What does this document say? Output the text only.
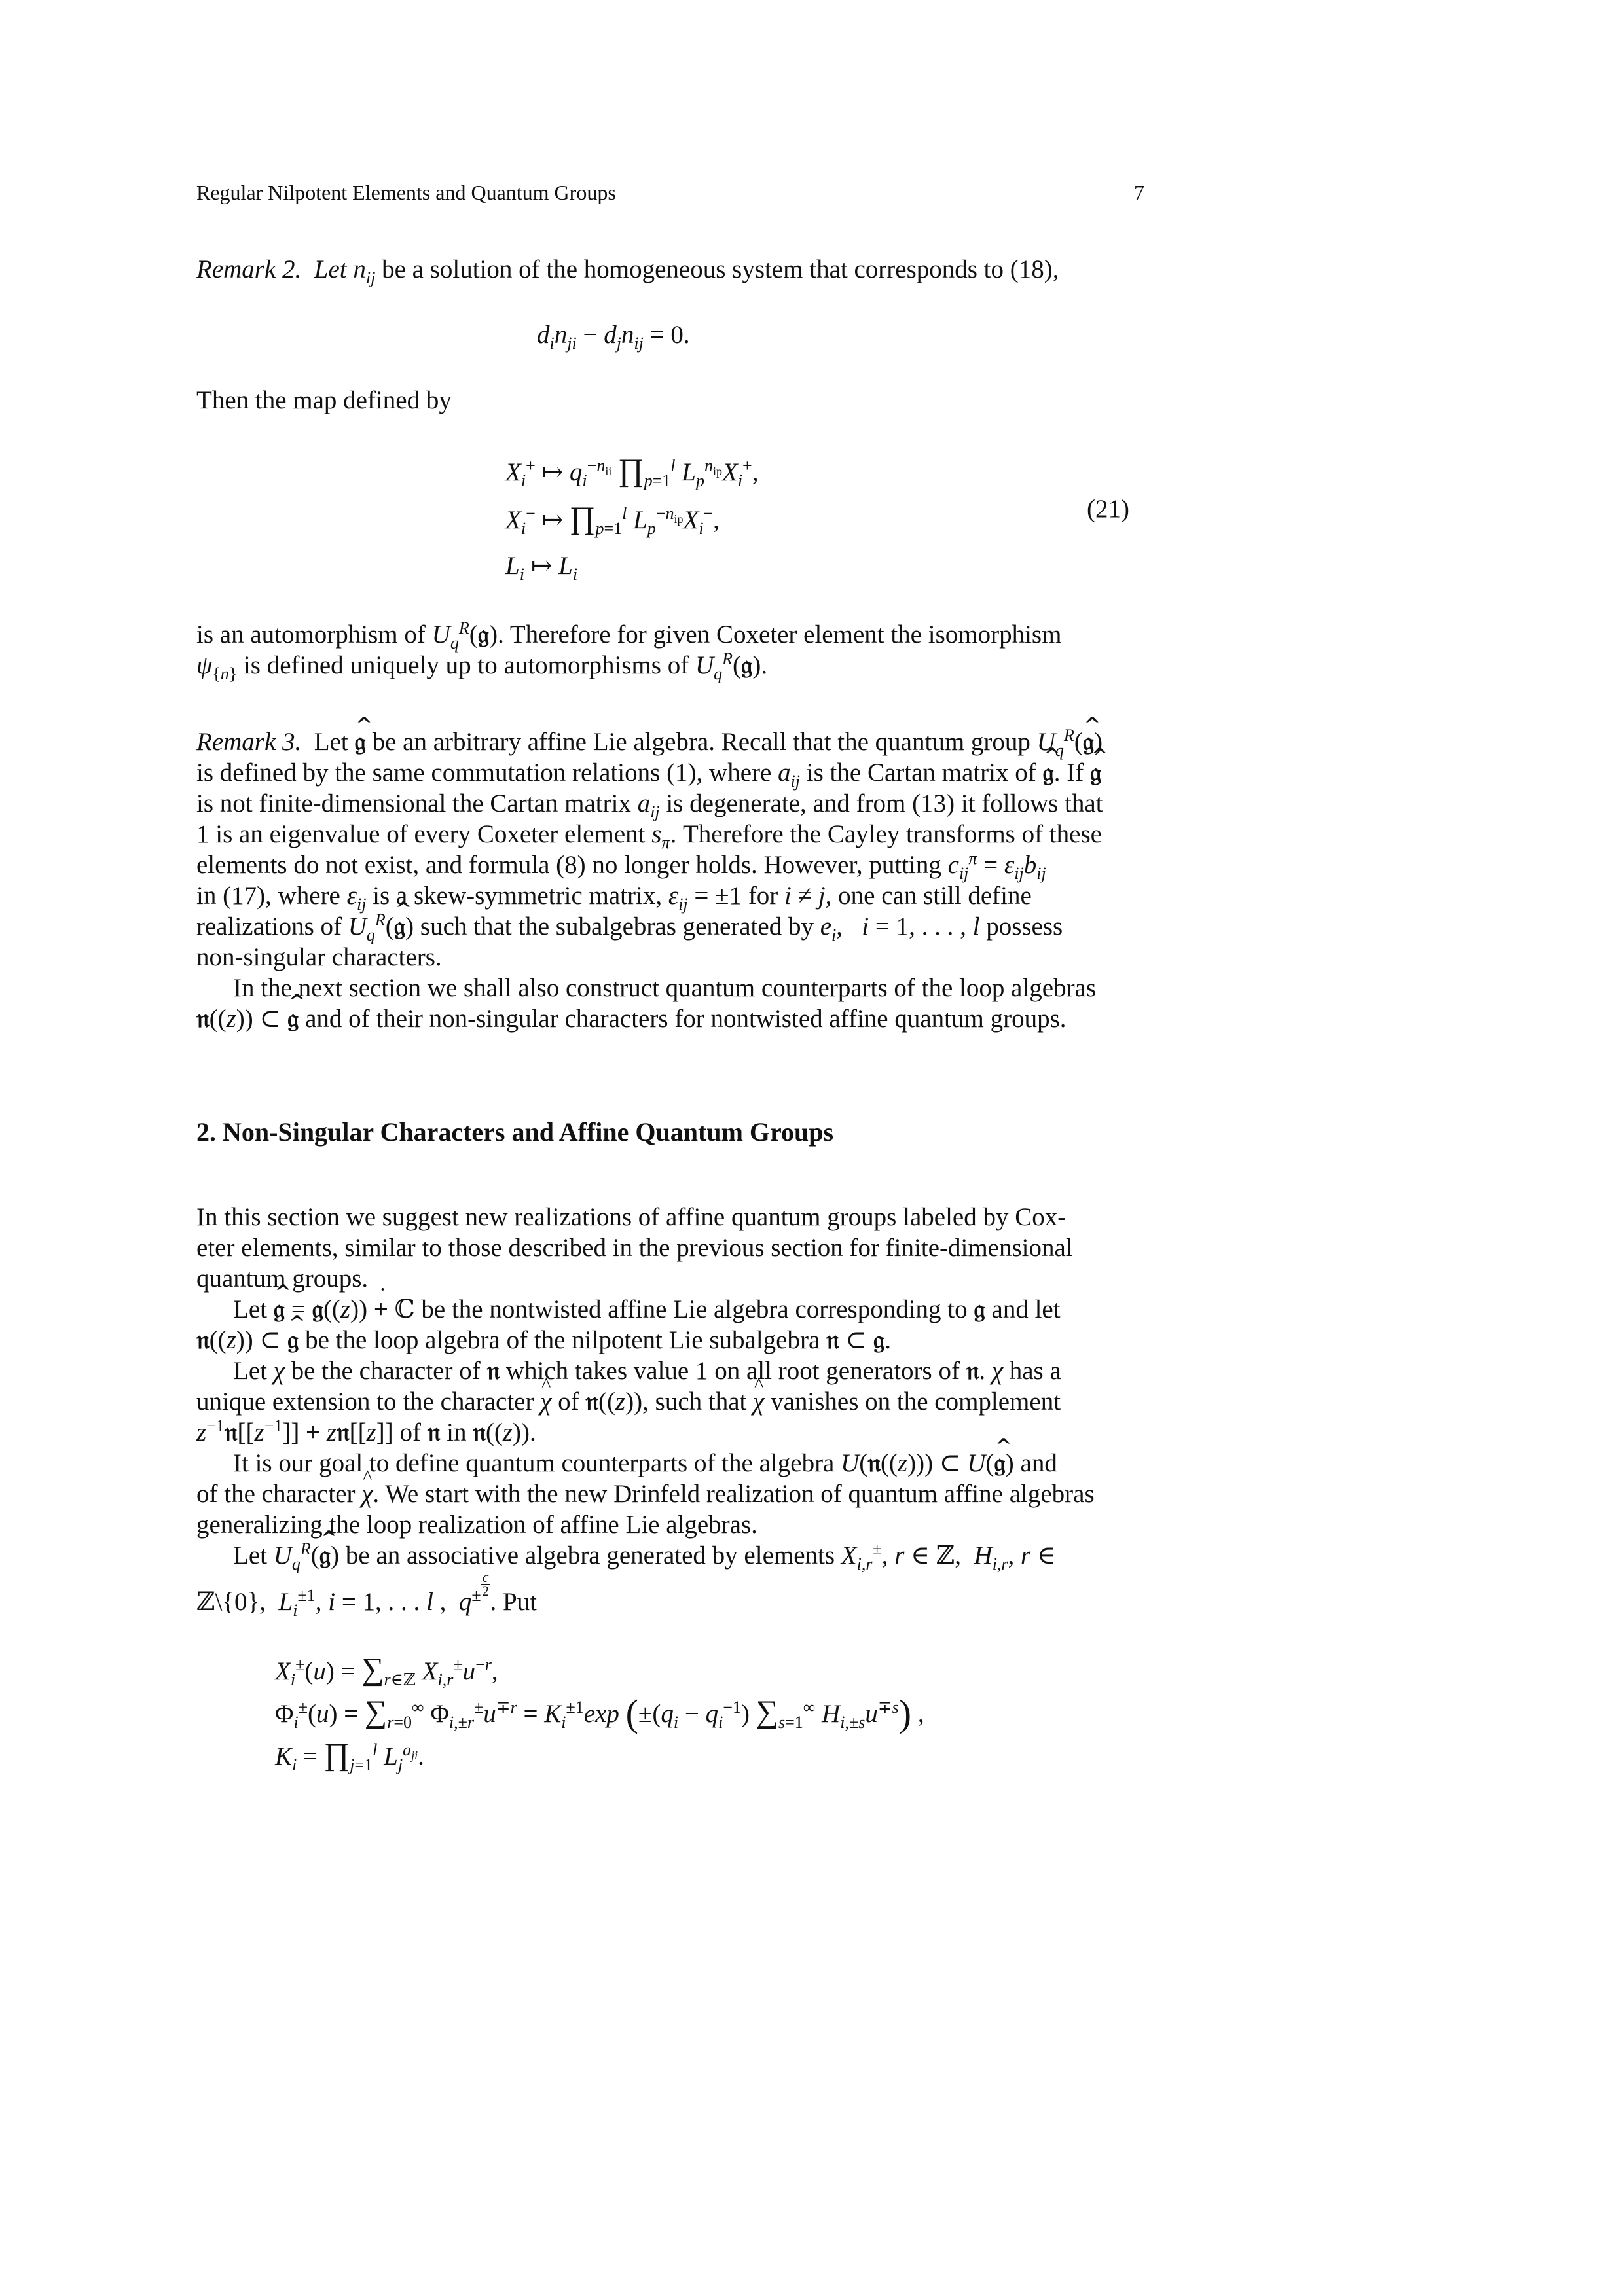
Regular Nilpotent Elements and Quantum Groups	7
Remark 2. Let $n_{ij}$ be a solution of the homogeneous system that corresponds to (18),
$d_in_{ji} - d_jn_{ij} = 0$.
Then the map defined by
$X_i^+$ ↦ $q_i^{-n_{ii}}$ $\prod_{p=1}^l$ $L_p^{n_{ip}}X_i^+$,
$X_i^-$ ↦ $\prod_{p=1}^l$ $L_p^{-n_{ip}}X_i^-$,
$L_i$ ↦ $L_i$
(21)
is an automorphism of $U_q^R(𝔤)$. Therefore for given Coxeter element the isomorphism
$\psi_{\{n\}}$ is defined uniquely up to automorphisms of $U_q^R(𝔤)$.
Remark 3. Let ^ 𝔤 be an arbitrary affine Lie algebra. Recall that the quantum group $U_q^R(\^{}$ 𝔤)
is defined by the same commutation relations (1), where $a_{ij}$ is the Cartan matrix of ^ 𝔤. If ^ 𝔤
is not finite-dimensional the Cartan matrix $a_{ij}$ is degenerate, and from (13) it follows that
1 is an eigenvalue of every Coxeter element $s_\pi$. Therefore the Cayley transforms of these
elements do not exist, and formula (8) no longer holds. However, putting $c_{ij}^\pi = \varepsilon_{ij}b_{ij}$
in (17), where $\varepsilon_{ij}$ is a skew-symmetric matrix, $\varepsilon_{ij} = \pm 1$ for i ≠ j, one can still define
realizations of $U_q^R(\^{}$ 𝔤) such that the subalgebras generated by $e_i$,   i = 1, . . . , l possess
non-singular characters.
In the next section we shall also construct quantum counterparts of the loop algebras
𝔫((z)) ⊂ ^ 𝔤 and of their non-singular characters for nontwisted affine quantum groups.
2. Non-Singular Characters and Affine Quantum Groups
In this section we suggest new realizations of affine quantum groups labeled by Cox-
eter elements, similar to those described in the previous section for finite-dimensional
quantum groups.
Let ^ 𝔤 = 𝔤((z)) · + ℂ be the nontwisted affine Lie algebra corresponding to 𝔤 and let
𝔫((z)) ⊂ ^ 𝔤 be the loop algebra of the nilpotent Lie subalgebra 𝔫 ⊂ 𝔤.
Let χ be the character of 𝔫 which takes value 1 on all root generators of 𝔫. χ has a
unique extension to the character ^ χ of 𝔫((z)), such that ^ χ vanishes on the complement
$z^{-1}𝔫[[z^{-1}]]$ + z𝔫[[z]] of 𝔫 in 𝔫((z)).
It is our goal to define quantum counterparts of the algebra U(𝔫((z))) ⊂ U(^ 𝔤) and
of the character ^ χ. We start with the new Drinfeld realization of quantum affine algebras
generalizing the loop realization of affine Lie algebras.
Let $U_q^R(\^{}$ 𝔤) be an associative algebra generated by elements $X_{i,r}^\pm$, r ∈ ℤ,  $H_{i,r}$, r ∈
ℤ\{0},  $L_i^{\pm 1}$, i = 1, . . . l ,  $q^{\pm \frac{c}{2}}$
. Put
$X_i^\pm(u) = \sum_{r\in ℤ}$ $X_{i,r}^\pm u^{-r}$,
$\Phi_i^\pm(u) = \sum_{r=0}^\infty$ $\Phi_{i,\pm r}^\pm u^{\mp r} = K_i^{\pm 1}\exp$ ($\pm(q_i - q_i^{-1})$ $\sum_{s=1}^\infty$ $H_{i,\pm s}u^{\mp s}$) ,
$K_i$ = $\prod_{j=1}^l$ $L_j^{a_{ji}}$.
